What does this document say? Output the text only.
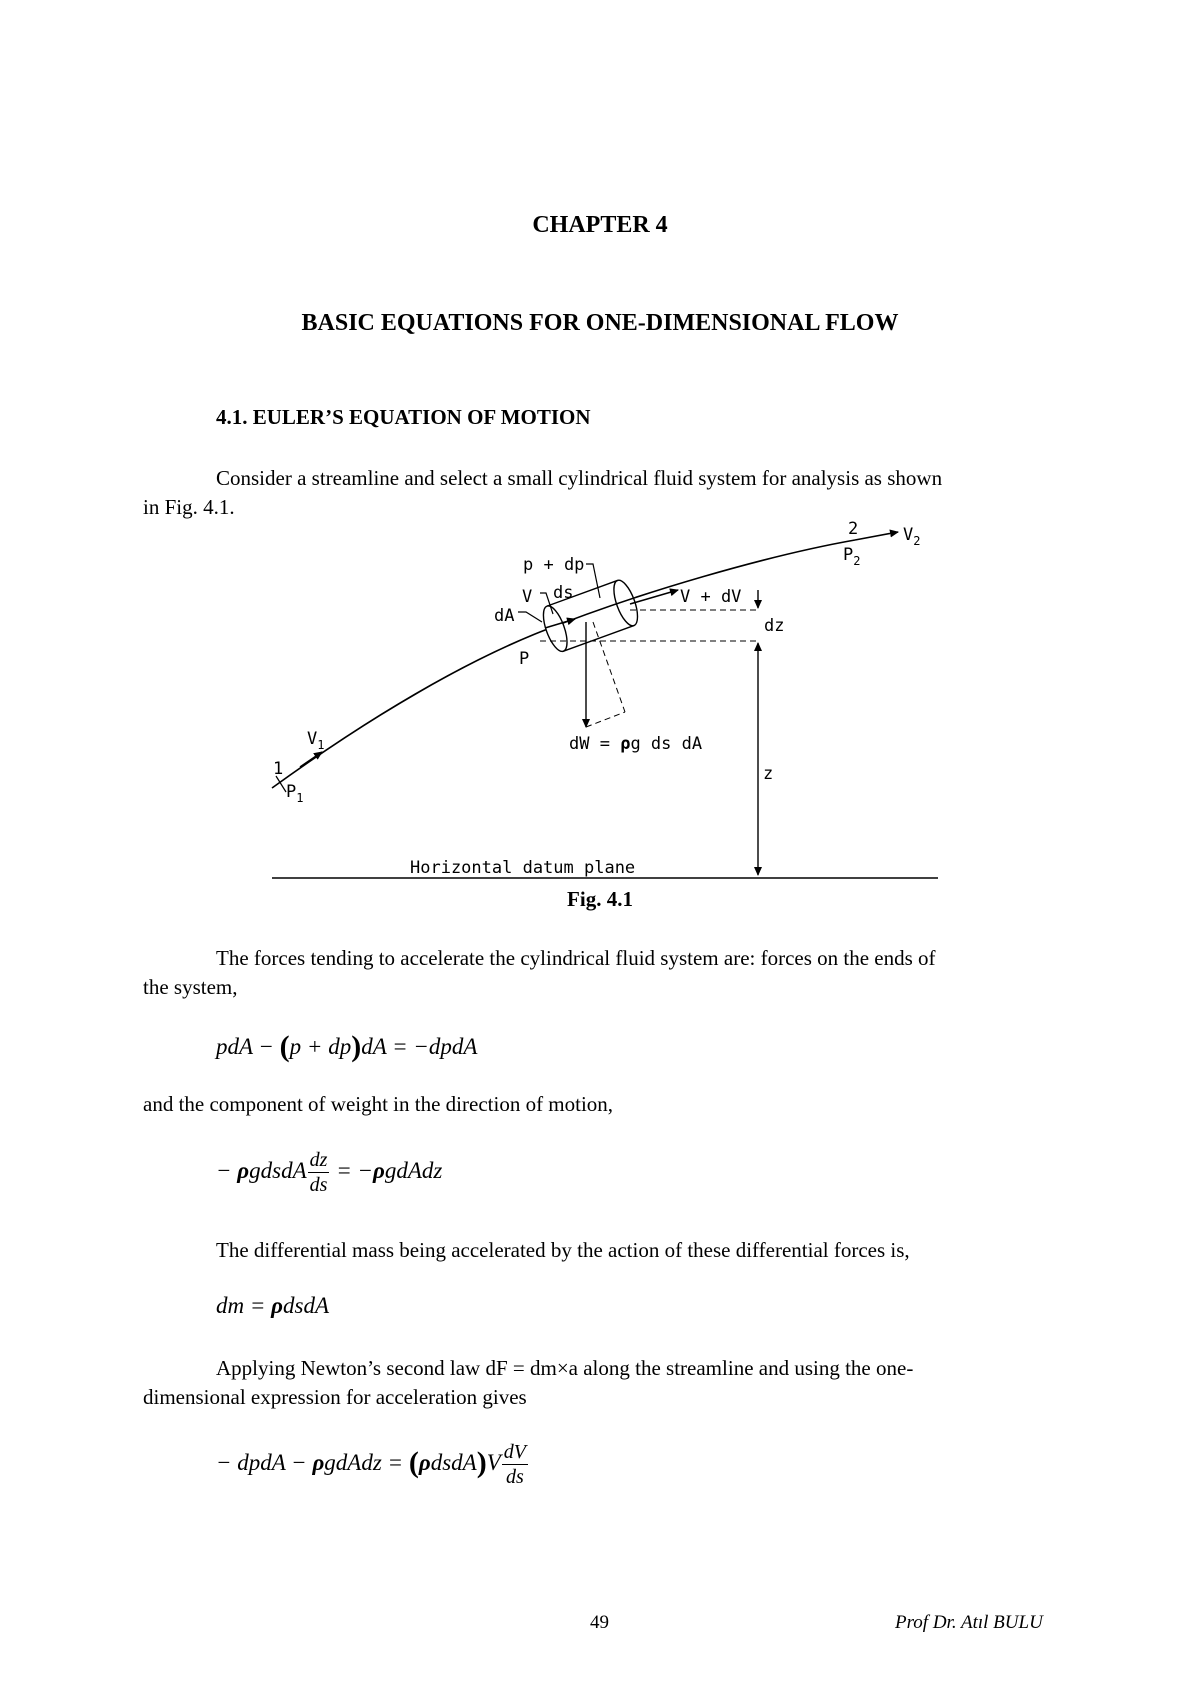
CHAPTER 4
BASIC EQUATIONS FOR ONE-DIMENSIONAL FLOW
4.1. EULER’S EQUATION OF MOTION
Consider a streamline and select a small cylindrical fluid system for analysis as shown
in Fig. 4.1.
p + dp
V ds
dA
P
V + dV
dz
dW = ρg ds dA
z
$V_1$
1
$P_1$
2	$V_2$
$P_2$
Horizontal datum plane
Fig. 4.1
The forces tending to accelerate the cylindrical fluid system are: forces on the ends of
the system,
pdA − (p + dp)dA = −dpdA
and the component of weight in the direction of motion,
− ρgdsdA $\frac{dz}{ds}$ = −ρgdAdz
The differential mass being accelerated by the action of these differential forces is,
dm = ρdsdA
Applying Newton’s second law dF = dm×a along the streamline and using the one-
dimensional expression for acceleration gives
− dpdA − ρgdAdz = (ρdsdA)V $\frac{dV}{ds}$
49	Prof Dr. Atıl BULU
